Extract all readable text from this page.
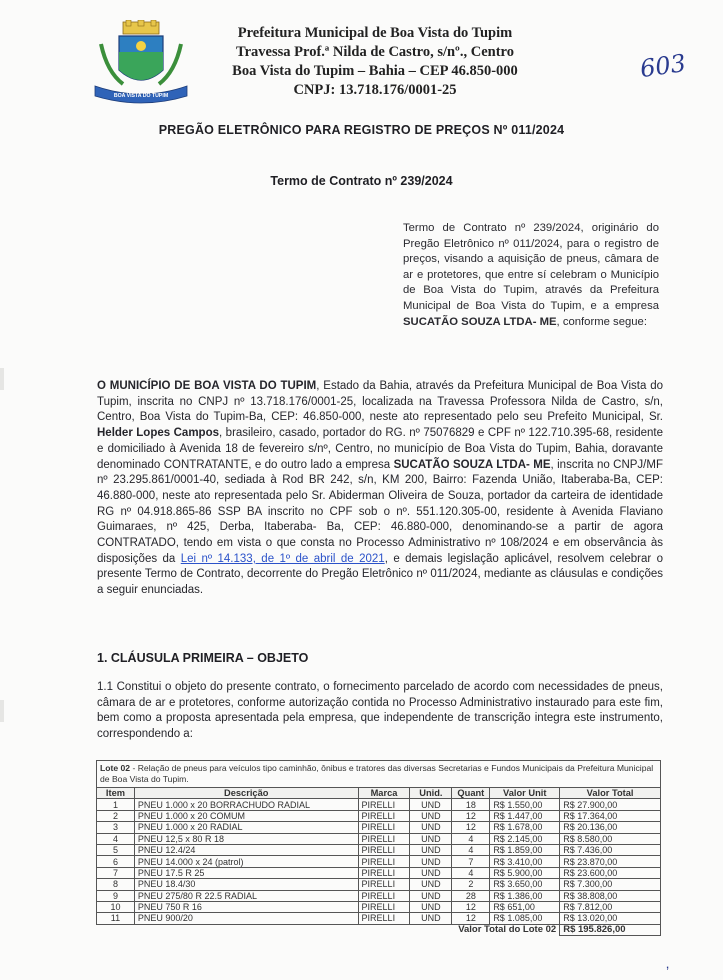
BOA VISTA DO TUPIM
Prefeitura Municipal de Boa Vista do Tupim
Travessa Prof.ª Nilda de Castro, s/nº., Centro
Boa Vista do Tupim – Bahia – CEP 46.850-000
CNPJ: 13.718.176/0001-25
603
PREGÃO ELETRÔNICO PARA REGISTRO DE PREÇOS Nº 011/2024
Termo de Contrato nº 239/2024
Termo de Contrato nº 239/2024, originário do Pregão Eletrônico nº 011/2024, para o registro de preços, visando a aquisição de pneus, câmara de ar e protetores, que entre sí celebram o Município de Boa Vista do Tupim, através da Prefeitura Municipal de Boa Vista do Tupim, e a empresa SUCATÃO SOUZA LTDA- ME, conforme segue:
O MUNICÍPIO DE BOA VISTA DO TUPIM, Estado da Bahia, através da Prefeitura Municipal de Boa Vista do Tupim, inscrita no CNPJ nº 13.718.176/0001-25, localizada na Travessa Professora Nilda de Castro, s/n, Centro, Boa Vista do Tupim-Ba, CEP: 46.850-000, neste ato representado pelo seu Prefeito Municipal, Sr. Helder Lopes Campos, brasileiro, casado, portador do RG. nº 75076829 e CPF nº 122.710.395-68, residente e domiciliado à Avenida 18 de fevereiro s/nº, Centro, no município de Boa Vista do Tupim, Bahia, doravante denominado CONTRATANTE, e do outro lado a empresa SUCATÃO SOUZA LTDA- ME, inscrita no CNPJ/MF nº 23.295.861/0001-40, sediada à Rod BR 242, s/n, KM 200, Bairro: Fazenda União, Itaberaba-Ba, CEP: 46.880-000, neste ato representada pelo Sr. Abiderman Oliveira de Souza, portador da carteira de identidade RG nº 04.918.865-86 SSP BA inscrito no CPF sob o nº. 551.120.305-00, residente à Avenida Flaviano Guimaraes, nº 425, Derba, Itaberaba- Ba, CEP: 46.880-000, denominando-se a partir de agora CONTRATADO, tendo em vista o que consta no Processo Administrativo nº 108/2024 e em observância às disposições da Lei nº 14.133, de 1º de abril de 2021, e demais legislação aplicável, resolvem celebrar o presente Termo de Contrato, decorrente do Pregão Eletrônico nº 011/2024, mediante as cláusulas e condições a seguir enunciadas.
1. CLÁUSULA PRIMEIRA – OBJETO
1.1 Constitui o objeto do presente contrato, o fornecimento parcelado de acordo com necessidades de pneus, câmara de ar e protetores, conforme autorização contida no Processo Administrativo instaurado para este fim, bem como a proposta apresentada pela empresa, que independente de transcrição integra este instrumento, correspondendo a:
Lote 02 - Relação de pneus para veículos tipo caminhão, ônibus e tratores das diversas Secretarias e Fundos Municipais da Prefeitura Municipal de Boa Vista do Tupim.
Item	Descrição	Marca	Unid.	Quant	Valor Unit	Valor Total
1	PNEU 1.000 x 20 BORRACHUDO RADIAL	PIRELLI	UND	18	R$ 1.550,00	R$ 27.900,00
2	PNEU 1.000 x 20 COMUM	PIRELLI	UND	12	R$ 1.447,00	R$ 17.364,00
3	PNEU 1.000 x 20 RADIAL	PIRELLI	UND	12	R$ 1.678,00	R$ 20.136,00
4	PNEU 12,5 x 80 R 18	PIRELLI	UND	4	R$ 2.145,00	R$ 8.580,00
5	PNEU 12.4/24	PIRELLI	UND	4	R$ 1.859,00	R$ 7.436,00
6	PNEU 14.000 x 24 (patrol)	PIRELLI	UND	7	R$ 3.410,00	R$ 23.870,00
7	PNEU 17.5 R 25	PIRELLI	UND	4	R$ 5.900,00	R$ 23.600,00
8	PNEU 18.4/30	PIRELLI	UND	2	R$ 3.650,00	R$ 7.300,00
9	PNEU 275/80 R 22.5 RADIAL	PIRELLI	UND	28	R$ 1.386,00	R$ 38.808,00
10	PNEU 750 R 16	PIRELLI	UND	12	R$ 651,00	R$ 7.812,00
11	PNEU 900/20	PIRELLI	UND	12	R$ 1.085,00	R$ 13.020,00
Valor Total do Lote 02						R$ 195.826,00
‚
